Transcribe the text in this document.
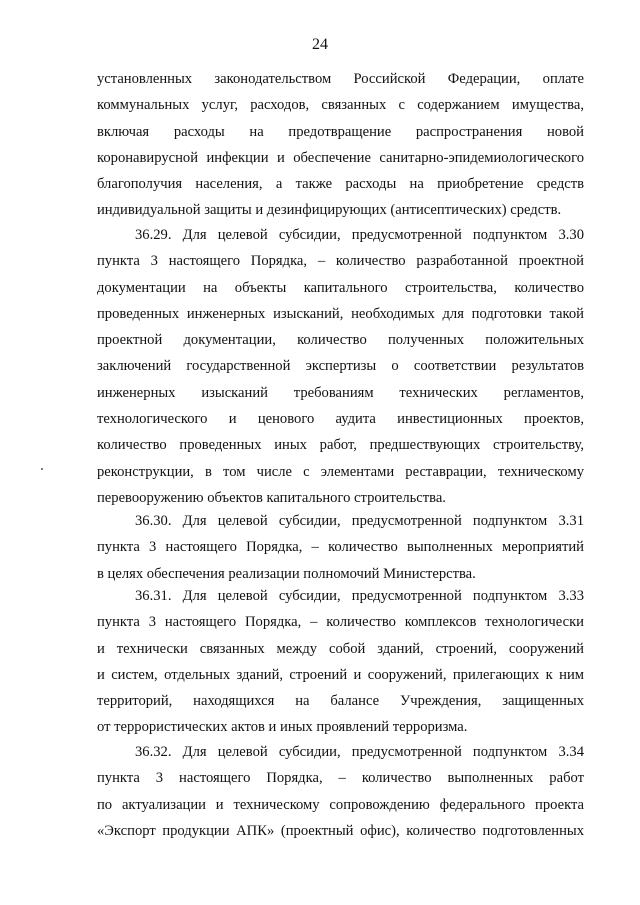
24
установленных законодательством Российской Федерации, оплате
коммунальных услуг, расходов, связанных с содержанием имущества,
включая расходы на предотвращение распространения новой
коронавирусной инфекции и обеспечение санитарно-эпидемиологического
благополучия населения, а также расходы на приобретение средств
индивидуальной защиты и дезинфицирующих (антисептических) средств.
36.29. Для целевой субсидии, предусмотренной подпунктом 3.30
пункта 3 настоящего Порядка, – количество разработанной проектной
документации на объекты капитального строительства, количество
проведенных инженерных изысканий, необходимых для подготовки такой
проектной документации, количество полученных положительных
заключений государственной экспертизы о соответствии результатов
инженерных изысканий требованиям технических регламентов,
технологического и ценового аудита инвестиционных проектов,
количество проведенных иных работ, предшествующих строительству,
реконструкции, в том числе с элементами реставрации, техническому
перевооружению объектов капитального строительства.
36.30. Для целевой субсидии, предусмотренной подпунктом 3.31
пункта 3 настоящего Порядка, – количество выполненных мероприятий
в целях обеспечения реализации полномочий Министерства.
36.31. Для целевой субсидии, предусмотренной подпунктом 3.33
пункта 3 настоящего Порядка, – количество комплексов технологически
и технически связанных между собой зданий, строений, сооружений
и систем, отдельных зданий, строений и сооружений, прилегающих к ним
территорий, находящихся на балансе Учреждения, защищенных
от террористических актов и иных проявлений терроризма.
36.32. Для целевой субсидии, предусмотренной подпунктом 3.34
пункта 3 настоящего Порядка, – количество выполненных работ
по актуализации и техническому сопровождению федерального проекта
«Экспорт продукции АПК» (проектный офис), количество подготовленных
